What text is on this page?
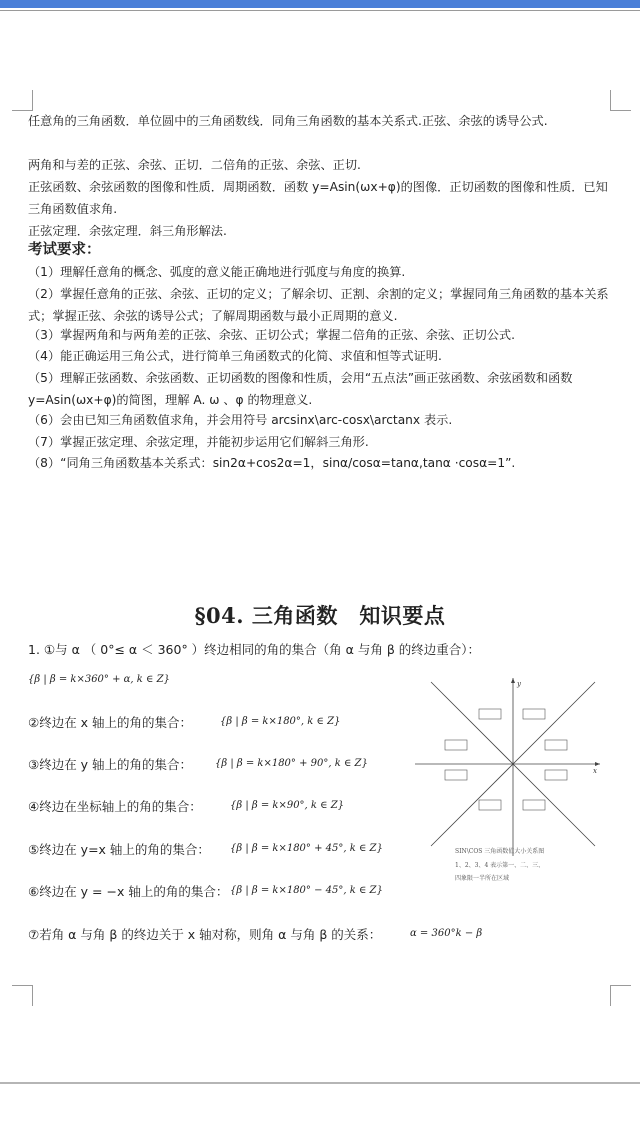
任意角的三角函数．单位圆中的三角函数线．同角三角函数的基本关系式.正弦、余弦的诱导公式.
两角和与差的正弦、余弦、正切．二倍角的正弦、余弦、正切.
正弦函数、余弦函数的图像和性质．周期函数．函数 y=Asin(ωx+φ)的图像．正切函数的图像和性质．已知三角函数值求角.
正弦定理．余弦定理．斜三角形解法.
考试要求：
（1）理解任意角的概念、弧度的意义能正确地进行弧度与角度的换算.
（2）掌握任意角的正弦、余弦、正切的定义；了解余切、正割、余割的定义；掌握同角三角函数的基本关系式；掌握正弦、余弦的诱导公式；了解周期函数与最小正周期的意义.
（3）掌握两角和与两角差的正弦、余弦、正切公式；掌握二倍角的正弦、余弦、正切公式.
（4）能正确运用三角公式，进行简单三角函数式的化简、求值和恒等式证明.
（5）理解正弦函数、余弦函数、正切函数的图像和性质，会用“五点法”画正弦函数、余弦函数和函数 y=Asin(ωx+φ)的简图，理解 A. ω 、φ 的物理意义.
（6）会由已知三角函数值求角，并会用符号 arcsinx\arc-cosx\arctanx 表示.
（7）掌握正弦定理、余弦定理，并能初步运用它们解斜三角形.
（8）“同角三角函数基本关系式：sin2α+cos2α=1，sinα/cosα=tanα,tanα ·cosα=1”.
§04. 三角函数　知识要点
1. ①与 α （ 0°≤ α ＜ 360° ）终边相同的角的集合（角 α 与角 β 的终边重合）：
{β | β = k×360° + α, k ∈ Z}
②终边在 x 轴上的角的集合：	{β | β = k×180°, k ∈ Z}
③终边在 y 轴上的角的集合： {β | β = k×180° + 90°, k ∈ Z}
④终边在坐标轴上的角的集合：	{β | β = k×90°, k ∈ Z}
⑤终边在 y=x 轴上的角的集合： {β | β = k×180° + 45°, k ∈ Z}
⑥终边在 y = −x 轴上的角的集合： {β | β = k×180° − 45°, k ∈ Z}
⑦若角 α 与角 β 的终边关于 x 轴对称，则角 α 与角 β 的关系：	α = 360°k − β
y
x
SIN\COS 三角函数值大小关系图
1、2、3、4 表示第一、二、三、
四象限一半所在区域
